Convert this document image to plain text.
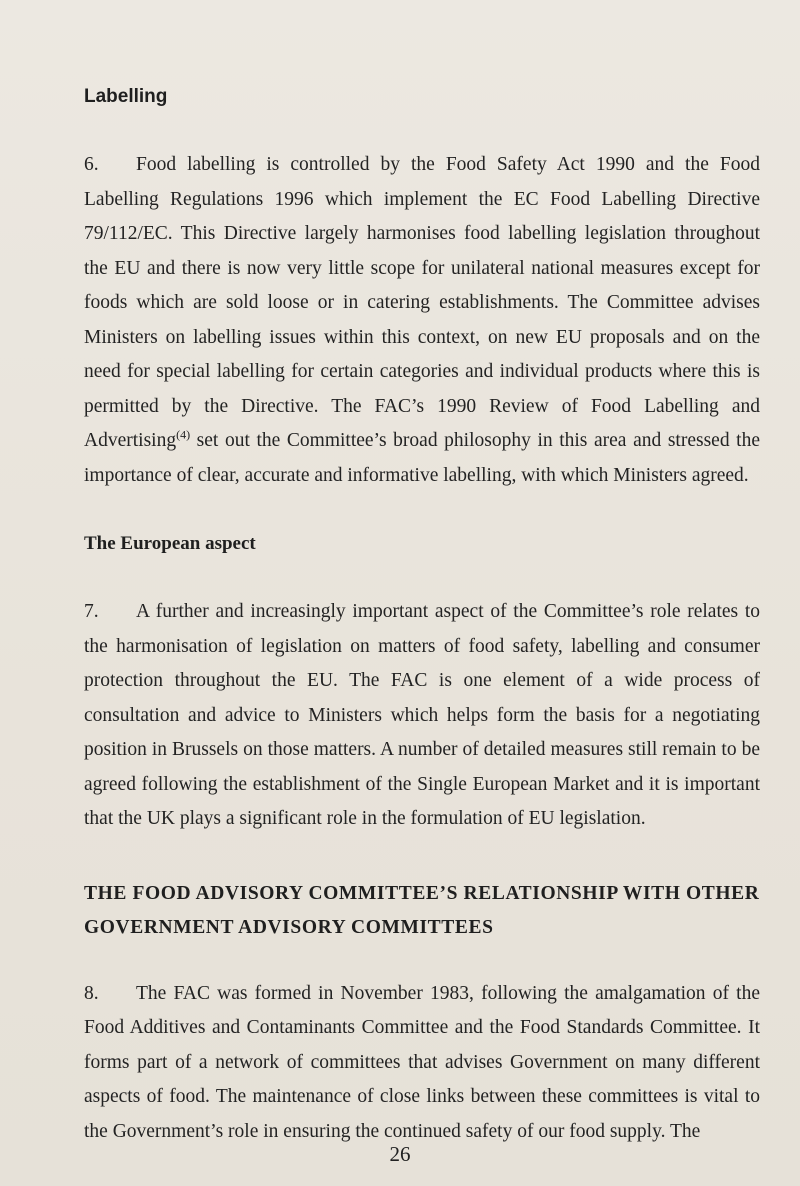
Labelling

6. Food labelling is controlled by the Food Safety Act 1990 and the Food Labelling Regulations 1996 which implement the EC Food Labelling Directive 79/112/EC. This Directive largely harmonises food labelling legislation throughout the EU and there is now very little scope for unilateral national measures except for foods which are sold loose or in catering establishments. The Committee advises Ministers on labelling issues within this context, on new EU proposals and on the need for special labelling for certain categories and individual products where this is permitted by the Directive. The FAC’s 1990 Review of Food Labelling and Advertising$^{(4)}$ set out the Committee’s broad philosophy in this area and stressed the importance of clear, accurate and informative labelling, with which Ministers agreed.

The European aspect

7. A further and increasingly important aspect of the Committee’s role relates to the harmonisation of legislation on matters of food safety, labelling and consumer protection throughout the EU. The FAC is one element of a wide process of consultation and advice to Ministers which helps form the basis for a negotiating position in Brussels on those matters. A number of detailed measures still remain to be agreed following the establishment of the Single European Market and it is important that the UK plays a significant role in the formulation of EU legislation.

THE FOOD ADVISORY COMMITTEE’S RELATIONSHIP WITH OTHER GOVERNMENT ADVISORY COMMITTEES

8. The FAC was formed in November 1983, following the amalgamation of the Food Additives and Contaminants Committee and the Food Standards Committee. It forms part of a network of committees that advises Government on many different aspects of food. The maintenance of close links between these committees is vital to the Government’s role in ensuring the continued safety of our food supply. The

26
